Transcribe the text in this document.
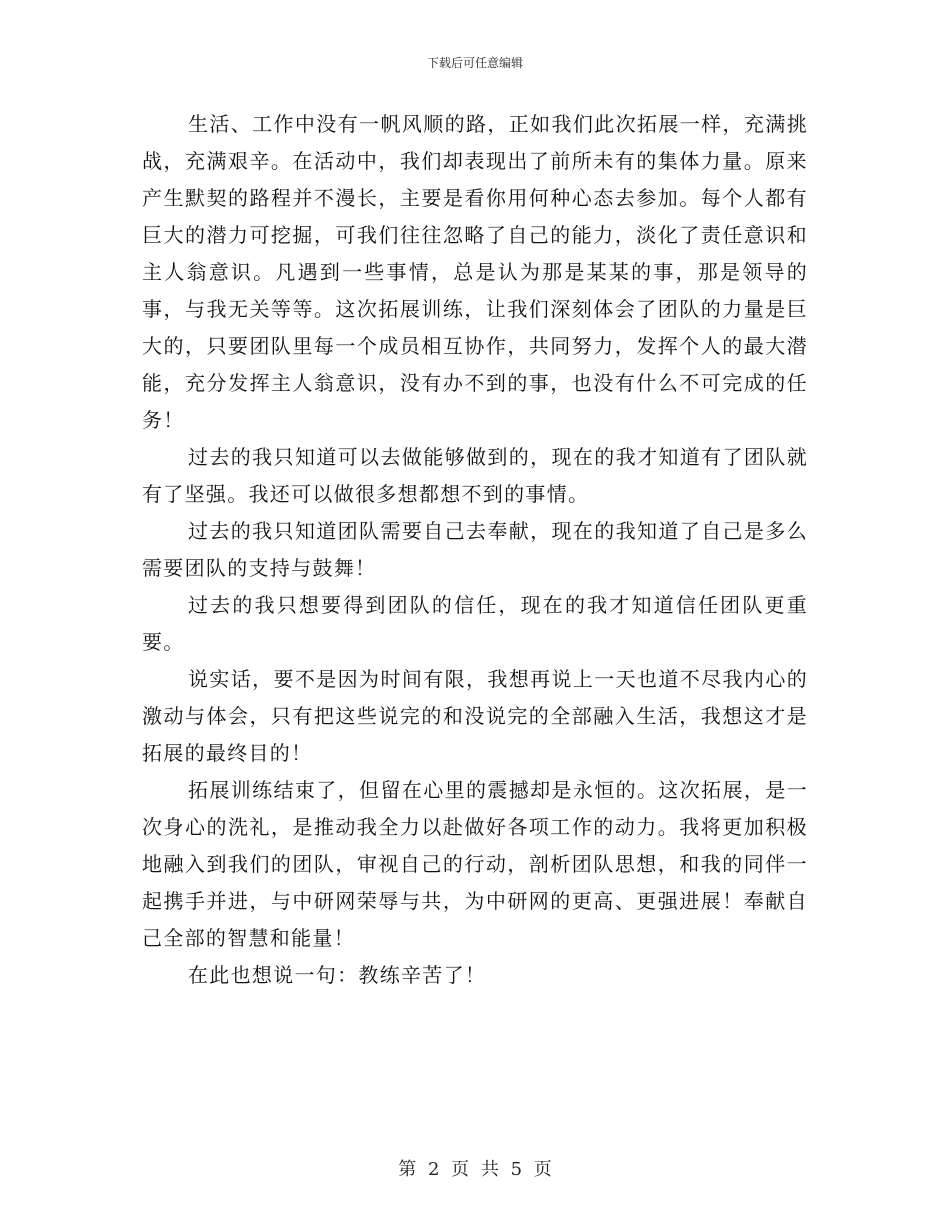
下载后可任意编辑

生活、工作中没有一帆风顺的路，正如我们此次拓展一样，充满挑战，充满艰辛。在活动中，我们却表现出了前所未有的集体力量。原来产生默契的路程并不漫长，主要是看你用何种心态去参加。每个人都有巨大的潜力可挖掘，可我们往往忽略了自己的能力，淡化了责任意识和主人翁意识。凡遇到一些事情，总是认为那是某某的事，那是领导的事，与我无关等等。这次拓展训练，让我们深刻体会了团队的力量是巨大的，只要团队里每一个成员相互协作，共同努力，发挥个人的最大潜能，充分发挥主人翁意识，没有办不到的事，也没有什么不可完成的任务！

过去的我只知道可以去做能够做到的，现在的我才知道有了团队就有了坚强。我还可以做很多想都想不到的事情。

过去的我只知道团队需要自己去奉献，现在的我知道了自己是多么需要团队的支持与鼓舞！

过去的我只想要得到团队的信任，现在的我才知道信任团队更重要。

说实话，要不是因为时间有限，我想再说上一天也道不尽我内心的激动与体会，只有把这些说完的和没说完的全部融入生活，我想这才是拓展的最终目的！

拓展训练结束了，但留在心里的震撼却是永恒的。这次拓展，是一次身心的洗礼，是推动我全力以赴做好各项工作的动力。我将更加积极地融入到我们的团队，审视自己的行动，剖析团队思想，和我的同伴一起携手并进，与中研网荣辱与共，为中研网的更高、更强进展！奉献自己全部的智慧和能量！

在此也想说一句：教练辛苦了！

第 2 页 共 5 页
